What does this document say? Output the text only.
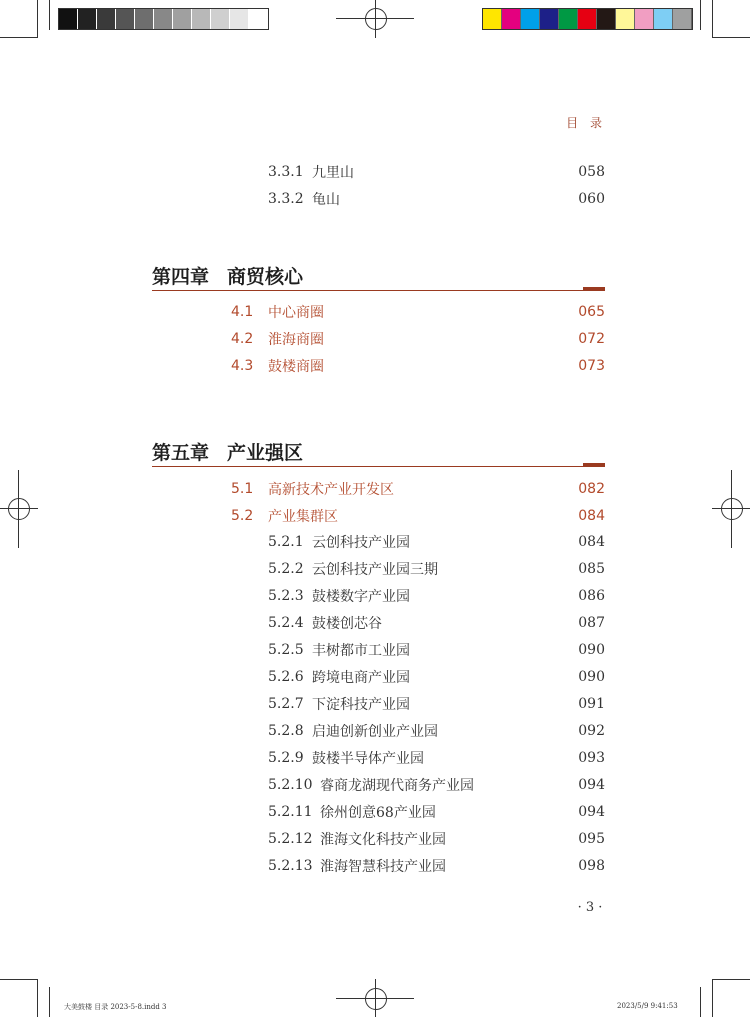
目 录
3.3.1 九里山	058
3.3.2 龟山	060
第四章 商贸核心
4.1	中心商圈	065
4.2	淮海商圈	072
4.3	鼓楼商圈	073
第五章 产业强区
5.1	高新技术产业开发区	082
5.2	产业集群区	084
5.2.1 云创科技产业园	084
5.2.2 云创科技产业园三期	085
5.2.3 鼓楼数字产业园	086
5.2.4 鼓楼创芯谷	087
5.2.5 丰树都市工业园	090
5.2.6 跨境电商产业园	090
5.2.7 下淀科技产业园	091
5.2.8 启迪创新创业产业园	092
5.2.9 鼓楼半导体产业园	093
5.2.10 睿商龙湖现代商务产业园	094
5.2.11 徐州创意68产业园	094
5.2.12 淮海文化科技产业园	095
5.2.13 淮海智慧科技产业园	098
· 3 ·
大美鼓楼 目录 2023-5-8.indd 3	2023/5/9 9:41:53
